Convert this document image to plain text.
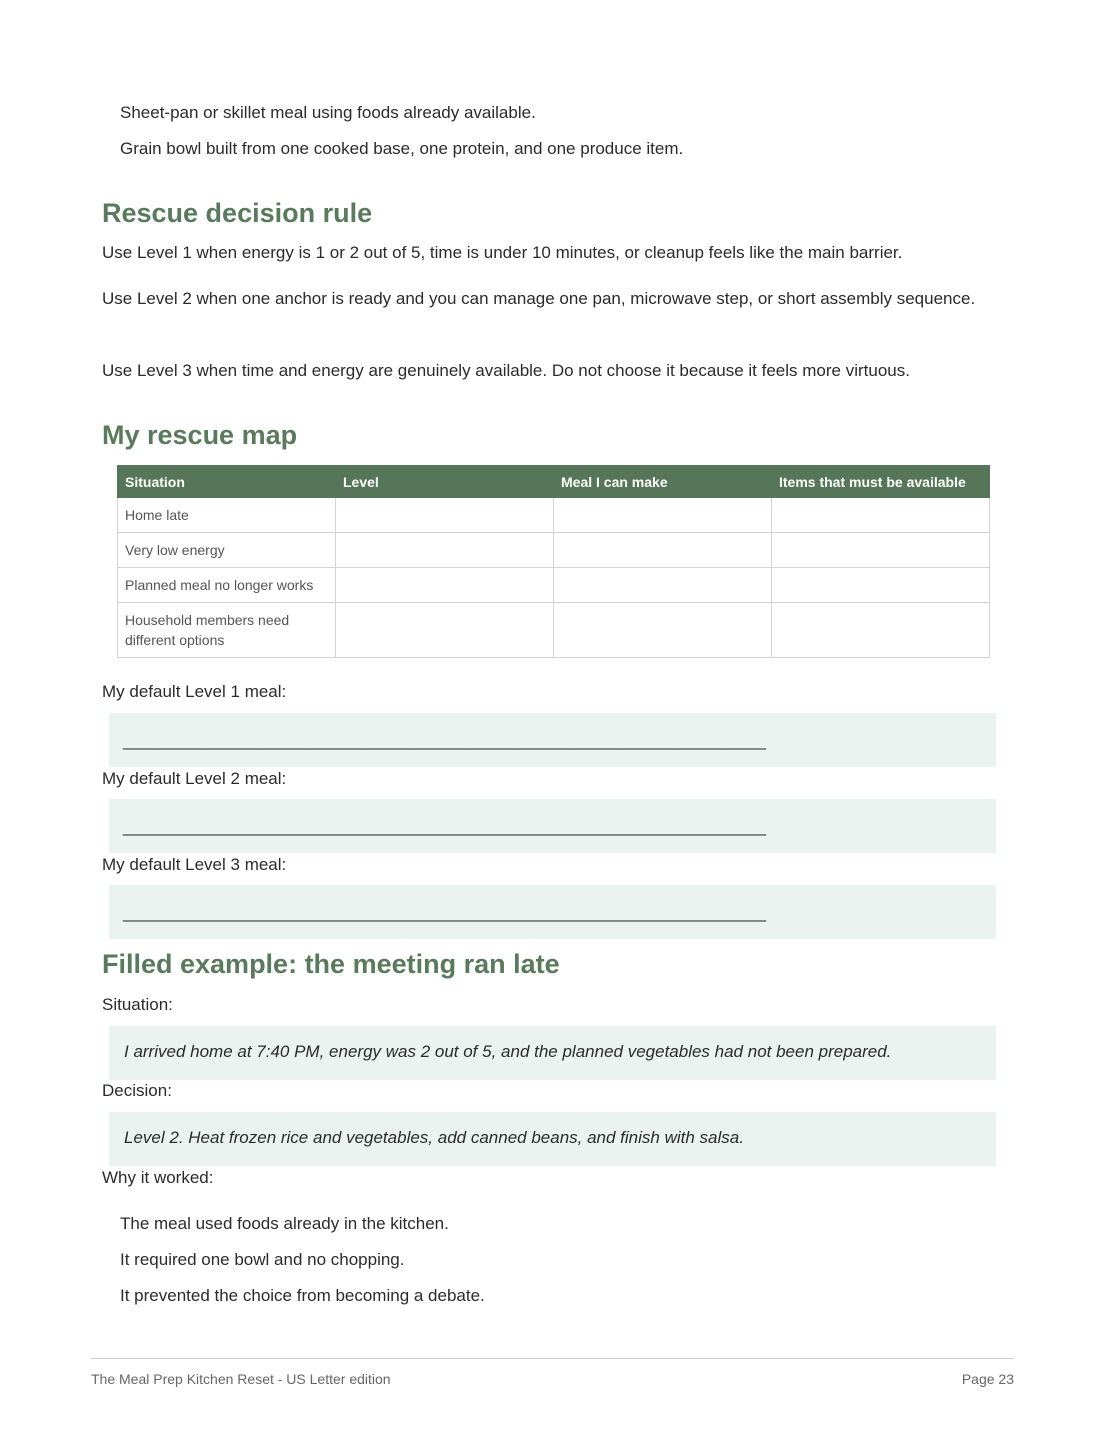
Sheet-pan or skillet meal using foods already available.
Grain bowl built from one cooked base, one protein, and one produce item.
Rescue decision rule
Use Level 1 when energy is 1 or 2 out of 5, time is under 10 minutes, or cleanup feels like the main barrier.
Use Level 2 when one anchor is ready and you can manage one pan, microwave step, or short assembly sequence.
Use Level 3 when time and energy are genuinely available. Do not choose it because it feels more virtuous.
My rescue map
Situation	Level	Meal I can make	Items that must be available
Home late			
Very low energy			
Planned meal no longer works			
Household members need different options			
My default Level 1 meal:
____________________________________________________________________
My default Level 2 meal:
____________________________________________________________________
My default Level 3 meal:
____________________________________________________________________
Filled example: the meeting ran late
Situation:
I arrived home at 7:40 PM, energy was 2 out of 5, and the planned vegetables had not been prepared.
Decision:
Level 2. Heat frozen rice and vegetables, add canned beans, and finish with salsa.
Why it worked:
The meal used foods already in the kitchen.
It required one bowl and no chopping.
It prevented the choice from becoming a debate.
The Meal Prep Kitchen Reset - US Letter edition	Page 23
